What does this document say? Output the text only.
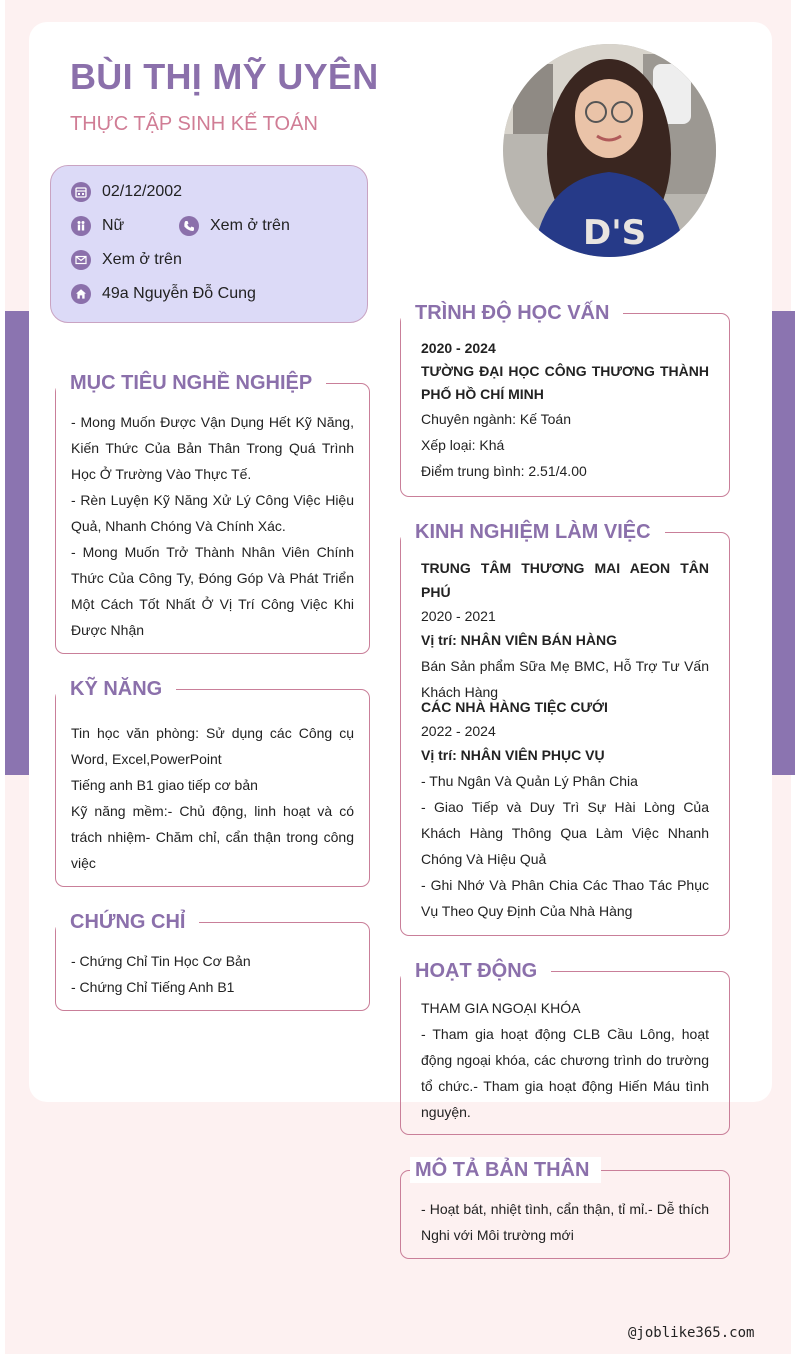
BÙI THỊ MỸ UYÊN
THỰC TẬP SINH KẾ TOÁN
D'S
02/12/2002
Nữ	Xem ở trên
Xem ở trên
49a Nguyễn Đỗ Cung
MỤC TIÊU NGHỀ NGHIỆP

- Mong Muốn Được Vận Dụng Hết Kỹ Năng, Kiến Thức Của Bản Thân Trong Quá Trình Học Ở Trường Vào Thực Tế.

- Rèn Luyện Kỹ Năng Xử Lý Công Việc Hiệu Quả, Nhanh Chóng Và Chính Xác.

- Mong Muốn Trở Thành Nhân Viên Chính Thức Của Công Ty, Đóng Góp Và Phát Triển Một Cách Tốt Nhất Ở Vị Trí Công Việc Khi Được Nhận

KỸ NĂNG

Tin học văn phòng: Sử dụng các Công cụ Word, Excel,PowerPoint

Tiếng anh B1 giao tiếp cơ bản

Kỹ năng mềm:- Chủ động, linh hoạt và có trách nhiệm- Chăm chỉ, cẩn thận trong công việc

CHỨNG CHỈ

- Chứng Chỉ Tin Học Cơ Bản

- Chứng Chỉ Tiếng Anh B1

TRÌNH ĐỘ HỌC VẤN

2020 - 2024

TƯỜNG ĐẠI HỌC CÔNG THƯƠNG THÀNH PHỐ HỒ CHÍ MINH

Chuyên ngành: Kế Toán

Xếp loại: Khá

Điểm trung bình: 2.51/4.00

KINH NGHIỆM LÀM VIỆC

TRUNG TÂM THƯƠNG MAI AEON TÂN PHÚ

2020 - 2021

Vị trí: NHÂN VIÊN BÁN HÀNG

Bán Sản phẩm Sữa Mẹ BMC, Hỗ Trợ Tư Vấn Khách Hàng

CÁC NHÀ HÀNG TIỆC CƯỚI

2022 - 2024

Vị trí: NHÂN VIÊN PHỤC VỤ

- Thu Ngân Và Quản Lý Phân Chia

- Giao Tiếp và Duy Trì Sự Hài Lòng Của Khách Hàng Thông Qua Làm Việc Nhanh Chóng Và Hiệu Quả

- Ghi Nhớ Và Phân Chia Các Thao Tác Phục Vụ Theo Quy Định Của Nhà Hàng

HOẠT ĐỘNG

THAM GIA NGOẠI KHÓA

- Tham gia hoạt động CLB Cầu Lông, hoạt động ngoại khóa, các chương trình do trường tổ chức.- Tham gia hoạt động Hiến Máu tình nguyện.

MÔ TẢ BẢN THÂN

- Hoạt bát, nhiệt tình, cẩn thận, tỉ mỉ.- Dễ thích Nghi với Môi trường mới

@joblike365.com
